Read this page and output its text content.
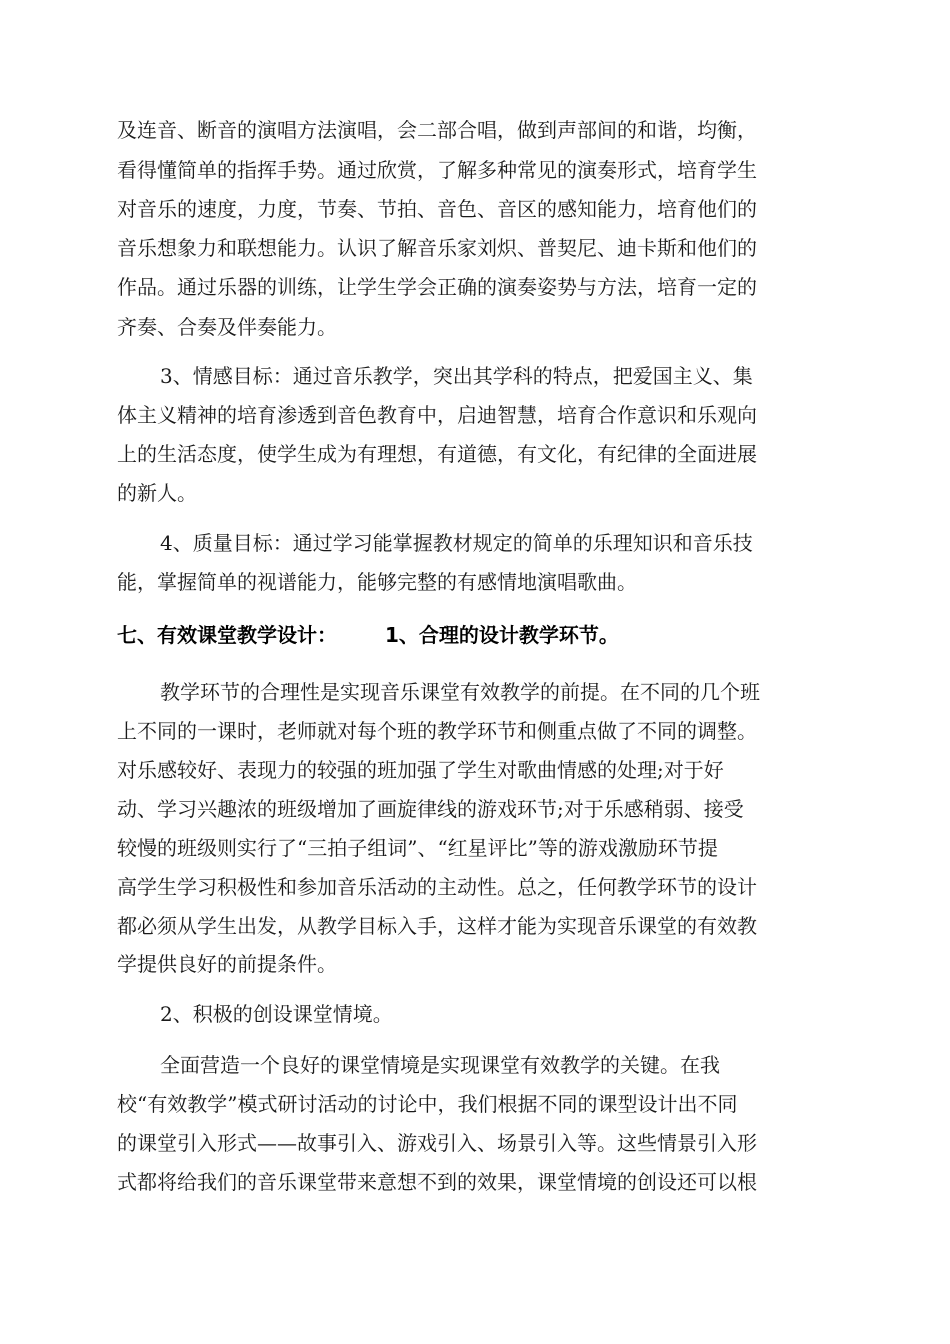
及连音、断音的演唱方法演唱，会二部合唱，做到声部间的和谐，均衡，
看得懂简单的指挥手势。通过欣赏，了解多种常见的演奏形式，培育学生
对音乐的速度，力度，节奏、节拍、音色、音区的感知能力，培育他们的
音乐想象力和联想能力。认识了解音乐家刘炽、普契尼、迪卡斯和他们的
作品。通过乐器的训练，让学生学会正确的演奏姿势与方法，培育一定的
齐奏、合奏及伴奏能力。
3、情感目标：通过音乐教学，突出其学科的特点，把爱国主义、集
体主义精神的培育渗透到音色教育中，启迪智慧，培育合作意识和乐观向
上的生活态度，使学生成为有理想，有道德，有文化，有纪律的全面进展
的新人。
4、质量目标：通过学习能掌握教材规定的简单的乐理知识和音乐技
能，掌握简单的视谱能力，能够完整的有感情地演唱歌曲。
七、有效课堂教学设计： 1、合理的设计教学环节。
教学环节的合理性是实现音乐课堂有效教学的前提。在不同的几个班
上不同的一课时，老师就对每个班的教学环节和侧重点做了不同的调整。
对乐感较好、表现力的较强的班加强了学生对歌曲情感的处理;对于好
动、学习兴趣浓的班级增加了画旋律线的游戏环节;对于乐感稍弱、接受
较慢的班级则实行了“三拍子组词”、“红星评比”等的游戏激励环节提
高学生学习积极性和参加音乐活动的主动性。总之，任何教学环节的设计
都必须从学生出发，从教学目标入手，这样才能为实现音乐课堂的有效教
学提供良好的前提条件。
2、积极的创设课堂情境。
全面营造一个良好的课堂情境是实现课堂有效教学的关键。在我
校“有效教学”模式研讨活动的讨论中，我们根据不同的课型设计出不同
的课堂引入形式——故事引入、游戏引入、场景引入等。这些情景引入形
式都将给我们的音乐课堂带来意想不到的效果，课堂情境的创设还可以根
